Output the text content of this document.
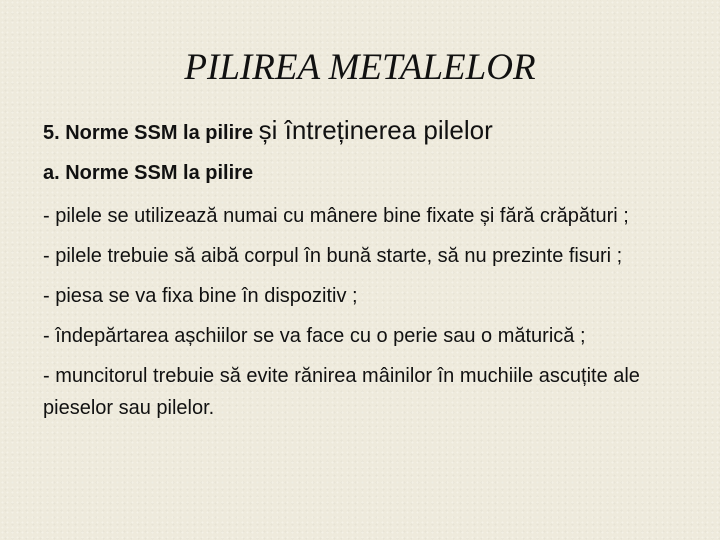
PILIREA METALELOR

5. Norme SSM la pilire și întreținerea pilelor

a. Norme SSM la pilire

- pilele se utilizează numai cu mânere bine fixate și fără crăpături ;
- pilele trebuie să aibă corpul în bună starte, să nu prezinte fisuri ;
- piesa se va fixa bine în dispozitiv ;
- îndepărtarea așchiilor se va face cu o perie sau o măturică ;
- muncitorul trebuie să evite rănirea mâinilor în muchiile ascuțite ale pieselor sau pilelor.
